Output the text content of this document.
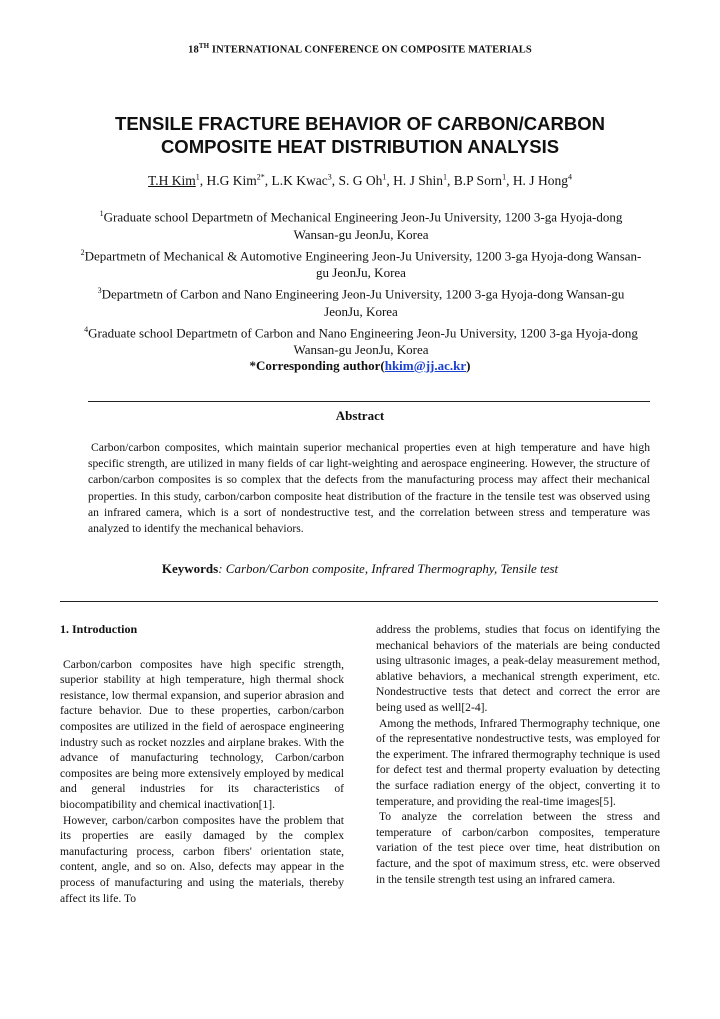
18TH INTERNATIONAL CONFERENCE ON COMPOSITE MATERIALS
TENSILE FRACTURE BEHAVIOR OF CARBON/CARBON
COMPOSITE HEAT DISTRIBUTION ANALYSIS
T.H Kim$^1$, H.G Kim$^{2*}$, L.K Kwac$^3$, S. G Oh$^1$, H. J Shin$^1$, B.P Sorn$^1$, H. J Hong$^4$
$^1$Graduate school Departmetn of Mechanical Engineering Jeon-Ju University, 1200 3-ga Hyoja-dong Wansan-gu JeonJu, Korea
$^2$Departmetn of Mechanical & Automotive Engineering Jeon-Ju University, 1200 3-ga Hyoja-dong Wansan-gu JeonJu, Korea
$^3$Departmetn of Carbon and Nano Engineering Jeon-Ju University, 1200 3-ga Hyoja-dong Wansan-gu JeonJu, Korea
$^4$Graduate school Departmetn of Carbon and Nano Engineering Jeon-Ju University, 1200 3-ga Hyoja-dong Wansan-gu JeonJu, Korea
*Corresponding author(hkim@jj.ac.kr)
Abstract
Carbon/carbon composites, which maintain superior mechanical properties even at high temperature and have high specific strength, are utilized in many fields of car light-weighting and aerospace engineering. However, the structure of carbon/carbon composites is so complex that the defects from the manufacturing process may affect their mechanical properties. In this study, carbon/carbon composite heat distribution of the fracture in the tensile test was observed using an infrared camera, which is a sort of nondestructive test, and the correlation between stress and temperature was analyzed to identify the mechanical behaviors.
Keywords: Carbon/Carbon composite, Infrared Thermography, Tensile test

1. Introduction

Carbon/carbon composites have high specific strength, superior stability at high temperature, high thermal shock resistance, low thermal expansion, and superior abrasion and facture behavior. Due to these properties, carbon/carbon composites are utilized in the field of aerospace engineering industry such as rocket nozzles and airplane brakes. With the advance of manufacturing technology, Carbon/carbon composites are being more extensively employed by medical and general industries for its characteristics of biocompatibility and chemical inactivation[1].

However, carbon/carbon composites have the problem that its properties are easily damaged by the complex manufacturing process, carbon fibers' orientation state, content, angle, and so on. Also, defects may appear in the process of manufacturing and using the materials, thereby affect its life. To

address the problems, studies that focus on identifying the mechanical behaviors of the materials are being conducted using ultrasonic images, a peak-delay measurement method, ablative behaviors, a mechanical strength experiment, etc. Nondestructive tests that detect and correct the error are being used as well[2-4].

Among the methods, Infrared Thermography technique, one of the representative nondestructive tests, was employed for the experiment. The infrared thermography technique is used for defect test and thermal property evaluation by detecting the surface radiation energy of the object, converting it to temperature, and providing the real-time images[5].

To analyze the correlation between the stress and temperature of carbon/carbon composites, temperature variation of the test piece over time, heat distribution on facture, and the spot of maximum stress, etc. were observed in the tensile strength test using an infrared camera.
